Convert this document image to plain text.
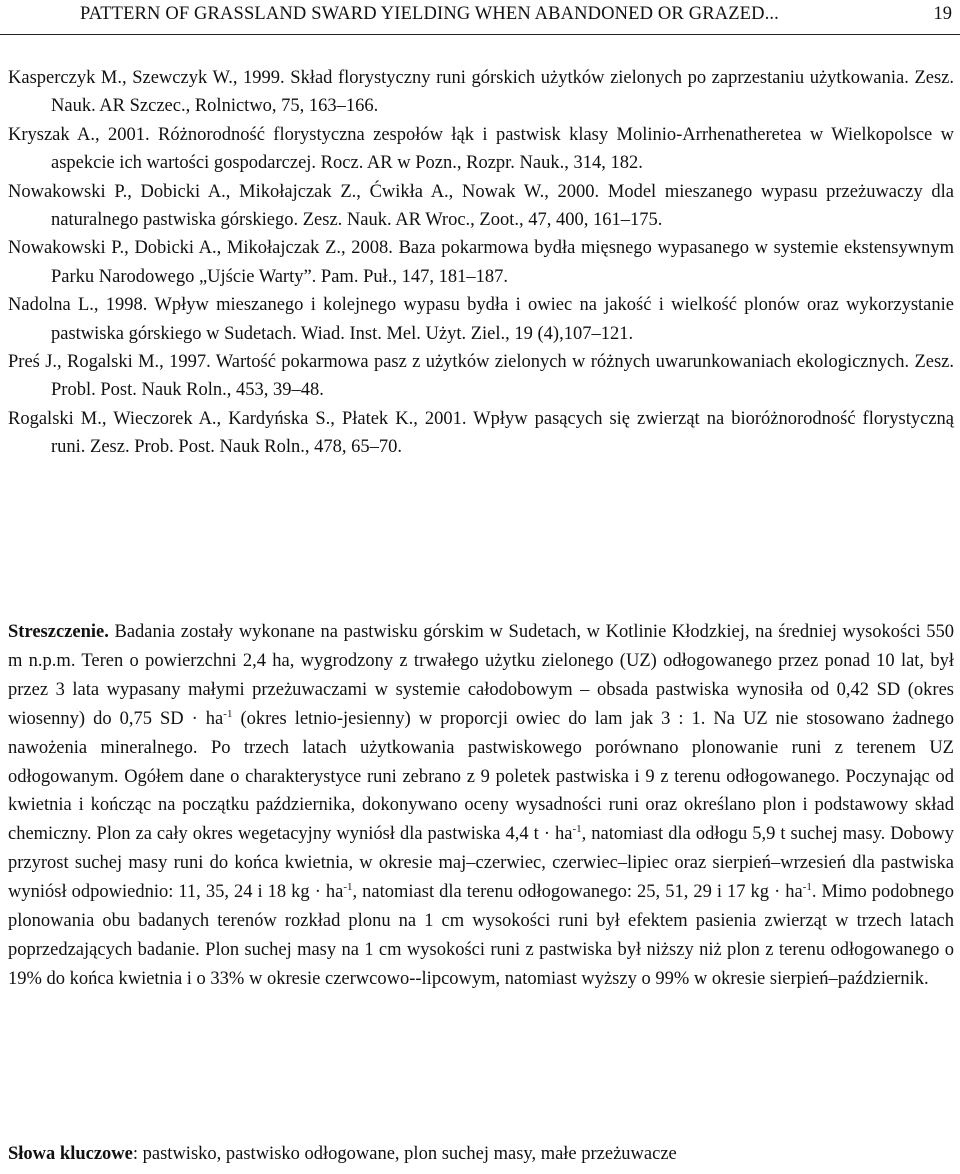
PATTERN OF GRASSLAND SWARD YIELDING WHEN ABANDONED OR GRAZED...	19

Kasperczyk M., Szewczyk W., 1999. Skład florystyczny runi górskich użytków zielonych po zaprzestaniu użytkowania. Zesz. Nauk. AR Szczec., Rolnictwo, 75, 163–166.

Kryszak A., 2001. Różnorodność florystyczna zespołów łąk i pastwisk klasy Molinio-Arrhenatheretea w Wielkopolsce w aspekcie ich wartości gospodarczej. Rocz. AR w Pozn., Rozpr. Nauk., 314, 182.

Nowakowski P., Dobicki A., Mikołajczak Z., Ćwikła A., Nowak W., 2000. Model mieszanego wypasu przeżuwaczy dla naturalnego pastwiska górskiego. Zesz. Nauk. AR Wroc., Zoot., 47, 400, 161–175.

Nowakowski P., Dobicki A., Mikołajczak Z., 2008. Baza pokarmowa bydła mięsnego wypasanego w systemie ekstensywnym Parku Narodowego „Ujście Warty”. Pam. Puł., 147, 181–187.

Nadolna L., 1998. Wpływ mieszanego i kolejnego wypasu bydła i owiec na jakość i wielkość plonów oraz wykorzystanie pastwiska górskiego w Sudetach. Wiad. Inst. Mel. Użyt. Ziel., 19 (4),107–121.

Preś J., Rogalski M., 1997. Wartość pokarmowa pasz z użytków zielonych w różnych uwarunkowaniach ekologicznych. Zesz. Probl. Post. Nauk Roln., 453, 39–48.

Rogalski M., Wieczorek A., Kardyńska S., Płatek K., 2001. Wpływ pasących się zwierząt na bioróżnorodność florystyczną runi. Zesz. Prob. Post. Nauk Roln., 478, 65–70.

Streszczenie. Badania zostały wykonane na pastwisku górskim w Sudetach, w Kotlinie Kłodzkiej, na średniej wysokości 550 m n.p.m. Teren o powierzchni 2,4 ha, wygrodzony z trwałego użytku zielonego (UZ) odłogowanego przez ponad 10 lat, był przez 3 lata wypasany małymi przeżuwaczami w systemie całodobowym – obsada pastwiska wynosiła od 0,42 SD (okres wiosenny) do 0,75 SD · $ha^{-1}$ (okres letnio-jesienny) w proporcji owiec do lam jak 3 : 1. Na UZ nie stosowano żadnego nawożenia mineralnego. Po trzech latach użytkowania pastwiskowego porównano plonowanie runi z terenem UZ odłogowanym. Ogółem dane o charakterystyce runi zebrano z 9 poletek pastwiska i 9 z terenu odłogowanego. Poczynając od kwietnia i kończąc na początku października, dokonywano oceny wysadności runi oraz określano plon i podstawowy skład chemiczny. Plon za cały okres wegetacyjny wyniósł dla pastwiska 4,4 $t \cdot ha^{-1}$, natomiast dla odłogu 5,9 t suchej masy. Dobowy przyrost suchej masy runi do końca kwietnia, w okresie maj–czerwiec, czerwiec–lipiec oraz sierpień–wrzesień dla pastwiska wyniósł odpowiednio: 11, 35, 24 i 18 kg · $ha^{-1}$, natomiast dla terenu odłogowanego: 25, 51, 29 i 17 kg · $ha^{-1}$. Mimo podobnego plonowania obu badanych terenów rozkład plonu na 1 cm wysokości runi był efektem pasienia zwierząt w trzech latach poprzedzających badanie. Plon suchej masy na 1 cm wysokości runi z pastwiska był niższy niż plon z terenu odłogowanego o 19% do końca kwietnia i o 33% w okresie czerwcowo--lipcowym, natomiast wyższy o 99% w okresie sierpień–październik.
Słowa kluczowe: pastwisko, pastwisko odłogowane, plon suchej masy, małe przeżuwacze
